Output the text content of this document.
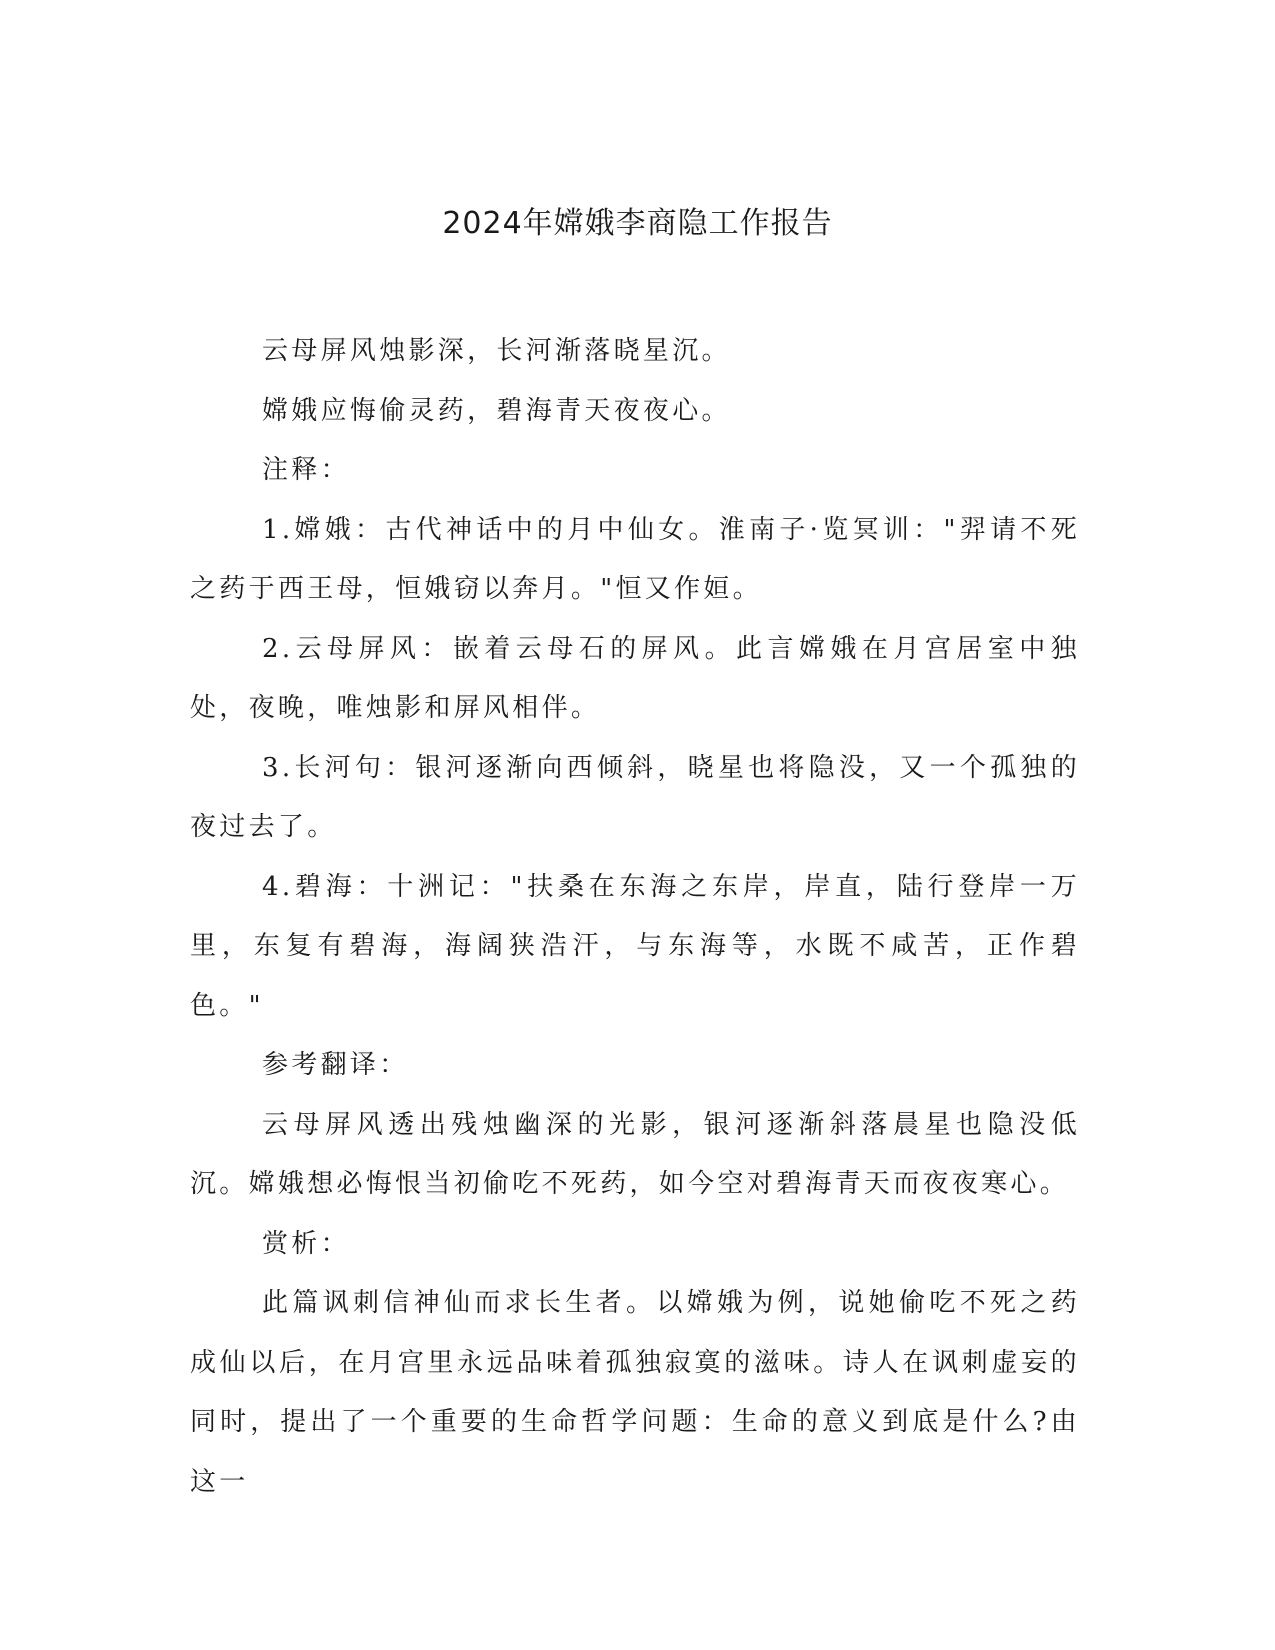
2024年嫦娥李商隐工作报告

云母屏风烛影深，长河渐落晓星沉。

嫦娥应悔偷灵药，碧海青天夜夜心。

注释：

1.嫦娥：古代神话中的月中仙女。淮南子·览冥训："羿请不死之药于西王母，恒娥窃以奔月。"恒又作姮。

2.云母屏风：嵌着云母石的屏风。此言嫦娥在月宫居室中独处，夜晚，唯烛影和屏风相伴。

3.长河句：银河逐渐向西倾斜，晓星也将隐没，又一个孤独的夜过去了。

4.碧海：十洲记："扶桑在东海之东岸，岸直，陆行登岸一万里，东复有碧海，海阔狭浩汗，与东海等，水既不咸苦，正作碧色。"

参考翻译：

云母屏风透出残烛幽深的光影，银河逐渐斜落晨星也隐没低沉。嫦娥想必悔恨当初偷吃不死药，如今空对碧海青天而夜夜寒心。

赏析：

此篇讽刺信神仙而求长生者。以嫦娥为例，说她偷吃不死之药成仙以后，在月宫里永远品味着孤独寂寞的滋味。诗人在讽刺虚妄的同时，提出了一个重要的生命哲学问题：生命的意义到底是什么?由这一
